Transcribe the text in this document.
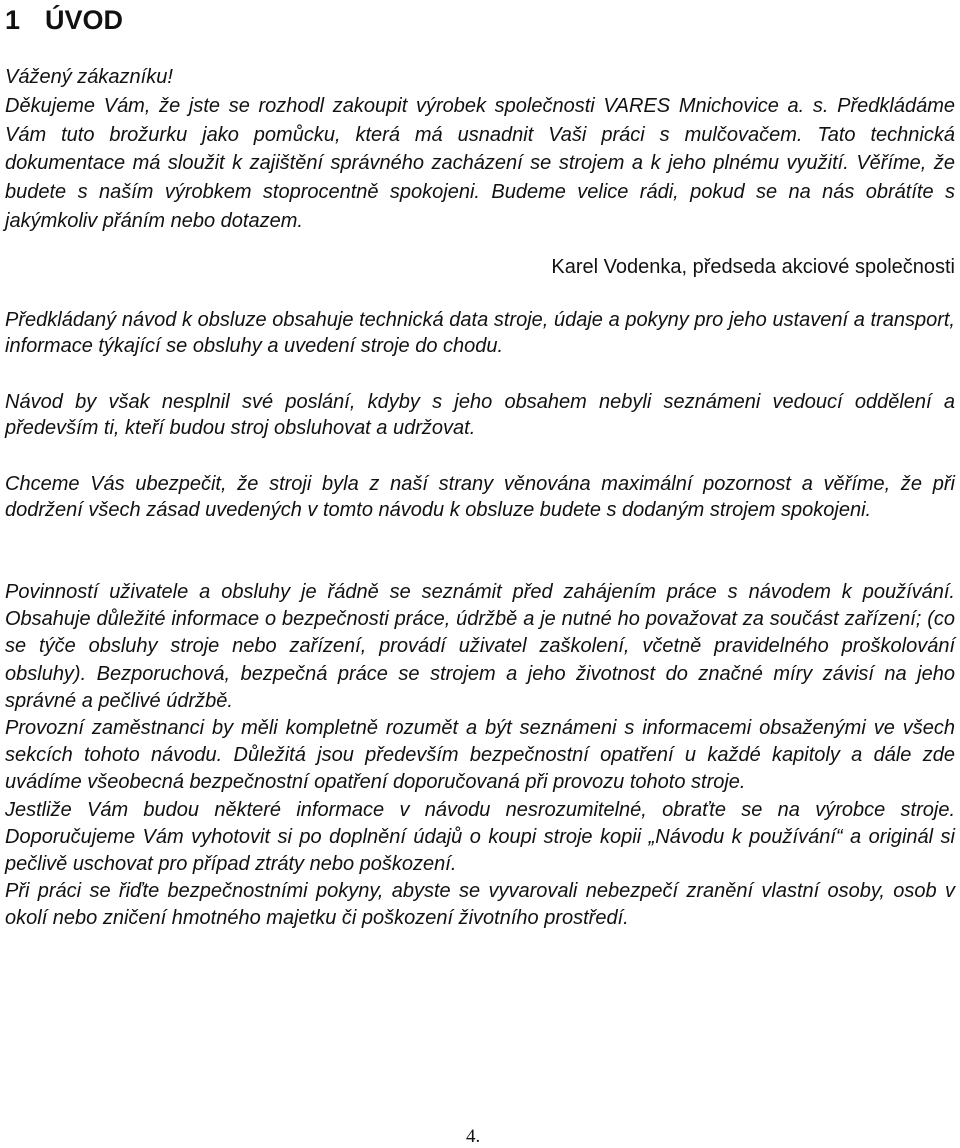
1 ÚVOD
Vážený zákazníku!
Děkujeme Vám, že jste se rozhodl zakoupit výrobek společnosti VARES Mnichovice a. s. Předkládáme Vám tuto brožurku jako pomůcku, která má usnadnit Vaši práci s mulčovačem. Tato technická dokumentace má sloužit k zajištění správného zacházení se strojem a k jeho plnému využití. Věříme, že budete s naším výrobkem stoprocentně spokojeni. Budeme velice rádi, pokud se na nás obrátíte s jakýmkoliv přáním nebo dotazem.
Karel Vodenka, předseda akciové společnosti

Předkládaný návod k obsluze obsahuje technická data stroje, údaje a pokyny pro jeho ustavení a transport, informace týkající se obsluhy a uvedení stroje do chodu.

Návod by však nesplnil své poslání, kdyby s jeho obsahem nebyli seznámeni vedoucí oddělení a především ti, kteří budou stroj obsluhovat a udržovat.

Chceme Vás ubezpečit, že stroji byla z naší strany věnována maximální pozornost a věříme, že při dodržení všech zásad uvedených v tomto návodu k obsluze budete s dodaným strojem spokojeni.

Povinností uživatele a obsluhy je řádně se seznámit před zahájením práce s návodem k používání. Obsahuje důležité informace o bezpečnosti práce, údržbě a je nutné ho považovat za součást zařízení; (co se týče obsluhy stroje nebo zařízení, provádí uživatel zaškolení, včetně pravidelného proškolování obsluhy). Bezporuchová, bezpečná práce se strojem a jeho životnost do značné míry závisí na jeho správné a pečlivé údržbě.
Provozní zaměstnanci by měli kompletně rozumět a být seznámeni s informacemi obsaženými ve všech sekcích tohoto návodu. Důležitá jsou především bezpečnostní opatření u každé kapitoly a dále zde uvádíme všeobecná bezpečnostní opatření doporučovaná při provozu tohoto stroje.
Jestliže Vám budou některé informace v návodu nesrozumitelné, obraťte se na výrobce stroje. Doporučujeme Vám vyhotovit si po doplnění údajů o koupi stroje kopii „Návodu k používání“ a originál si pečlivě uschovat pro případ ztráty nebo poškození.
Při práci se řiďte bezpečnostními pokyny, abyste se vyvarovali nebezpečí zranění vlastní osoby, osob v okolí nebo zničení hmotného majetku či poškození životního prostředí.
4.
